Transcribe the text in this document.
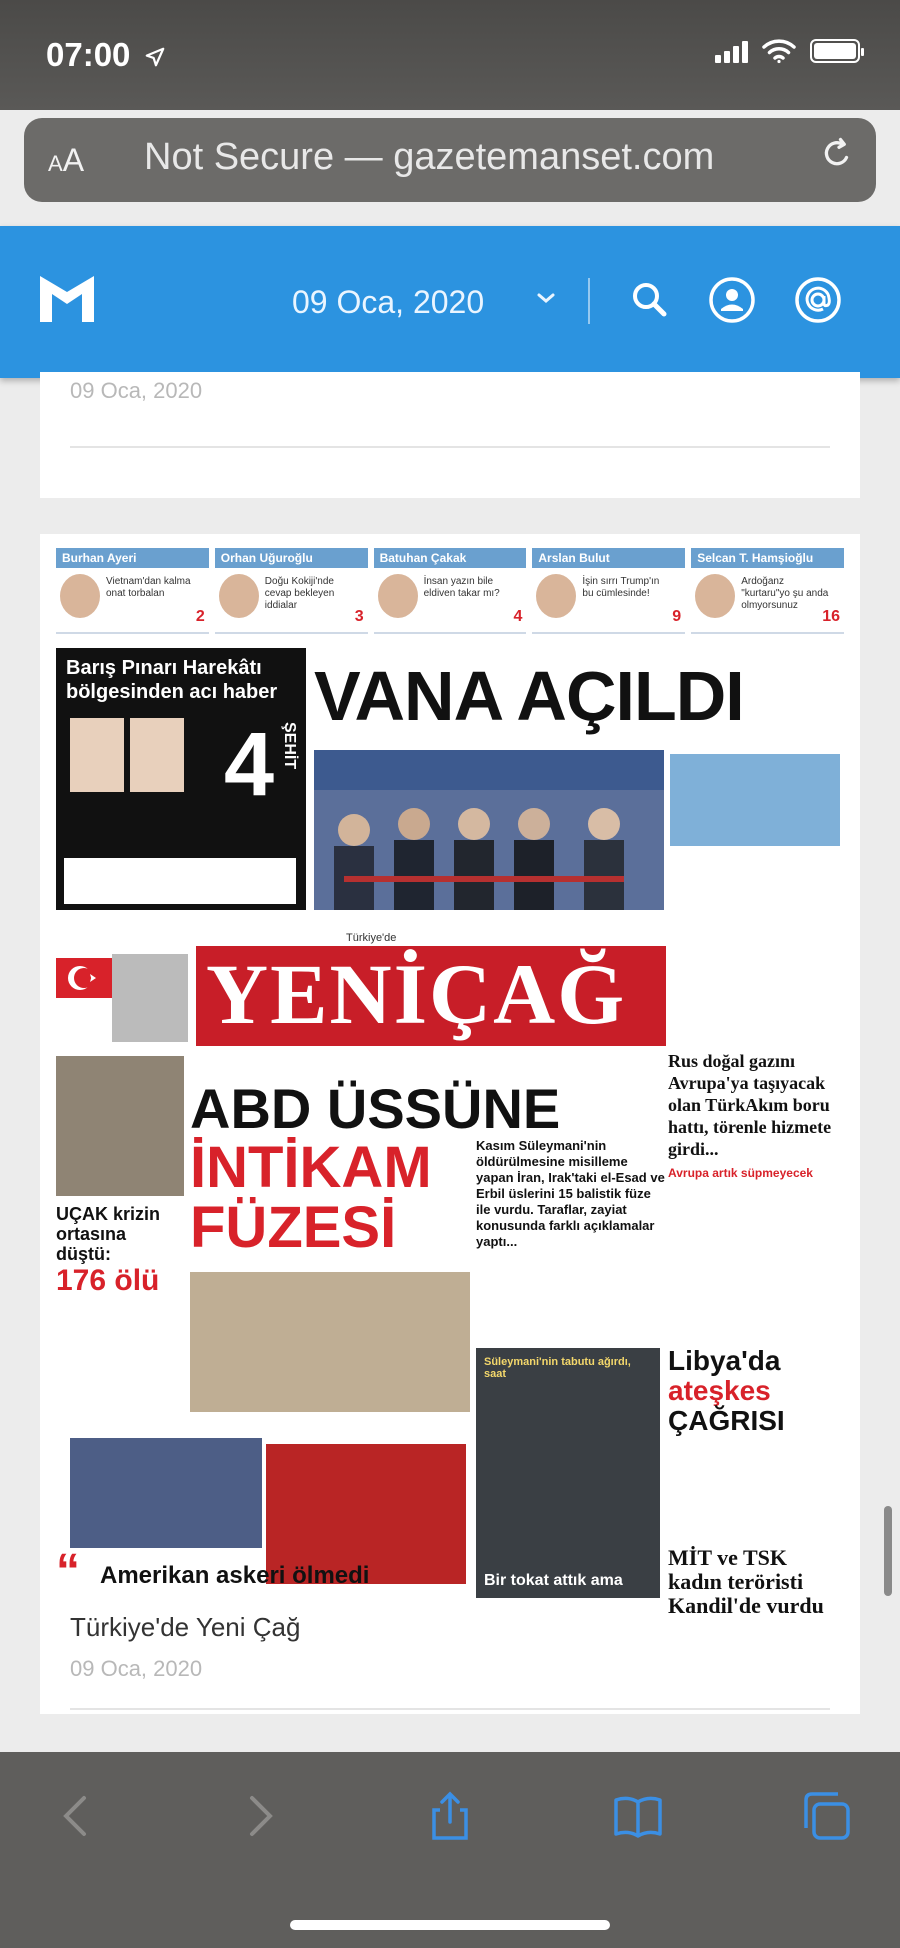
07:00
AA Not Secure — gazetemanset.com
09 Oca, 2020
09 Oca, 2020
Burhan Ayeri
Vietnam'dan kalma onat torbalan
2
Orhan Uğuroğlu
Doğu Kokiji'nde cevap bekleyen iddialar
3
Batuhan Çakak
İnsan yazın bile eldiven takar mı?
4
Arslan Bulut
İşin sırrı Trump'ın bu cümlesinde!
9
Selcan T. Hamşioğlu
Ardoğanz "kurtaru"yo şu anda olmyorsunuz
16
Barış Pınarı Harekâtı bölgesinden acı haber
4 ŞEHİT
VANA AÇILDI
YENİÇAĞ
Türkiye'de
Rus doğal gazını Avrupa'ya taşıyacak olan TürkAkım boru hattı, törenle hizmete girdi...
Avrupa artık süpmeyecek

Libya'da
ateşkes
ÇAĞRISI
MİT ve TSK kadın teröristi Kandil'de vurdu
UÇAK krizin ortasına düştü:
176 ölü
ABD ÜSSÜNE
İNTİKAM
FÜZESİ
Kasım Süleymani'nin öldürülmesine misilleme yapan İran, Irak'taki el-Esad ve Erbil üslerini 15 balistik füze ile vurdu. Taraflar, zayiat konusunda farklı açıklamalar yaptı...
Süleymani'nin tabutu ağırdı, saat
“ Amerikan askeri ölmedi	Bir tokat attık ama
Türkiye'de Yeni Çağ
09 Oca, 2020
